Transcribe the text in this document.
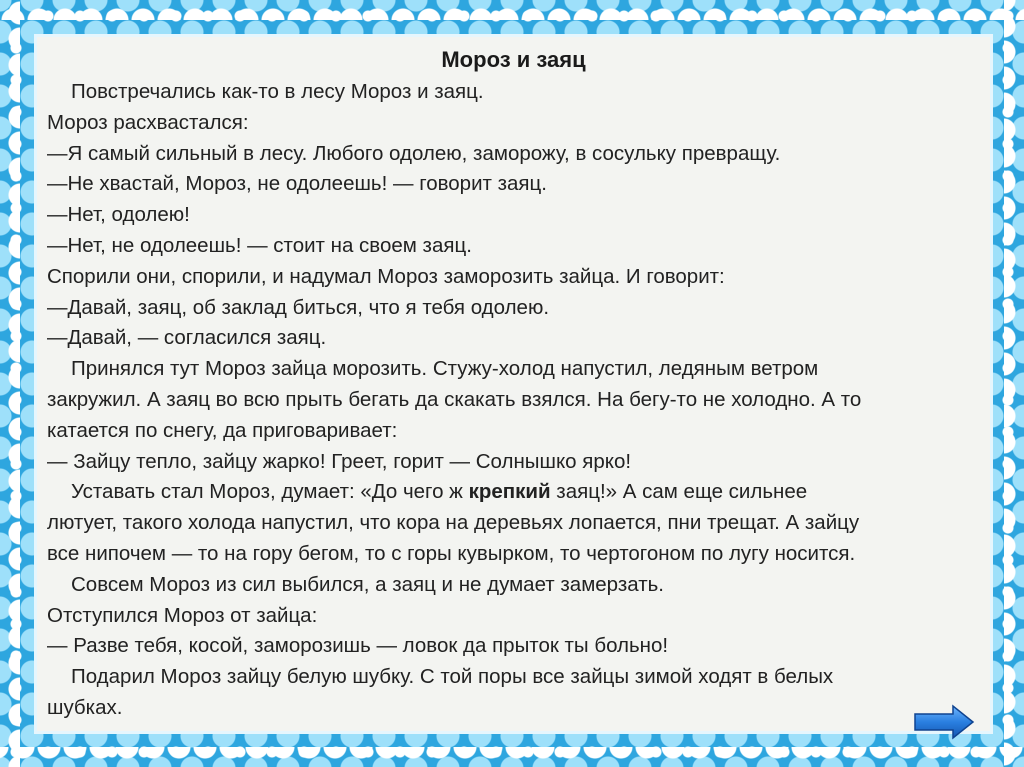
Мороз и заяц

Повстречались как-то в лесу Мороз и заяц.

Мороз расхвастался:

—Я самый сильный в лесу. Любого одолею, заморожу, в сосульку превращу.

—Не хвастай, Мороз, не одолеешь! — говорит заяц.

—Нет, одолею!

—Нет, не одолеешь! — стоит на своем заяц.

Спорили они, спорили, и надумал Мороз заморозить зайца. И говорит:

—Давай, заяц, об заклад биться, что я тебя одолею.

—Давай, — согласился заяц.

Принялся тут Мороз зайца морозить. Стужу-холод напустил, ледяным ветром

закружил. А заяц во всю прыть бегать да скакать взялся. На бегу-то не холодно. А то

катается по снегу, да приговаривает:

— Зайцу тепло, зайцу жарко! Греет, горит — Солнышко ярко!

Уставать стал Мороз, думает: «До чего ж крепкий заяц!» А сам еще сильнее

лютует, такого холода напустил, что кора на деревьях лопается, пни трещат. А зайцу

все нипочем — то на гору бегом, то с горы кувырком, то чертогоном по лугу носится.

Совсем Мороз из сил выбился, а заяц и не думает замерзать.

Отступился Мороз от зайца:

— Разве тебя, косой, заморозишь — ловок да прыток ты больно!

Подарил Мороз зайцу белую шубку. С той поры все зайцы зимой ходят в белых

шубках.
